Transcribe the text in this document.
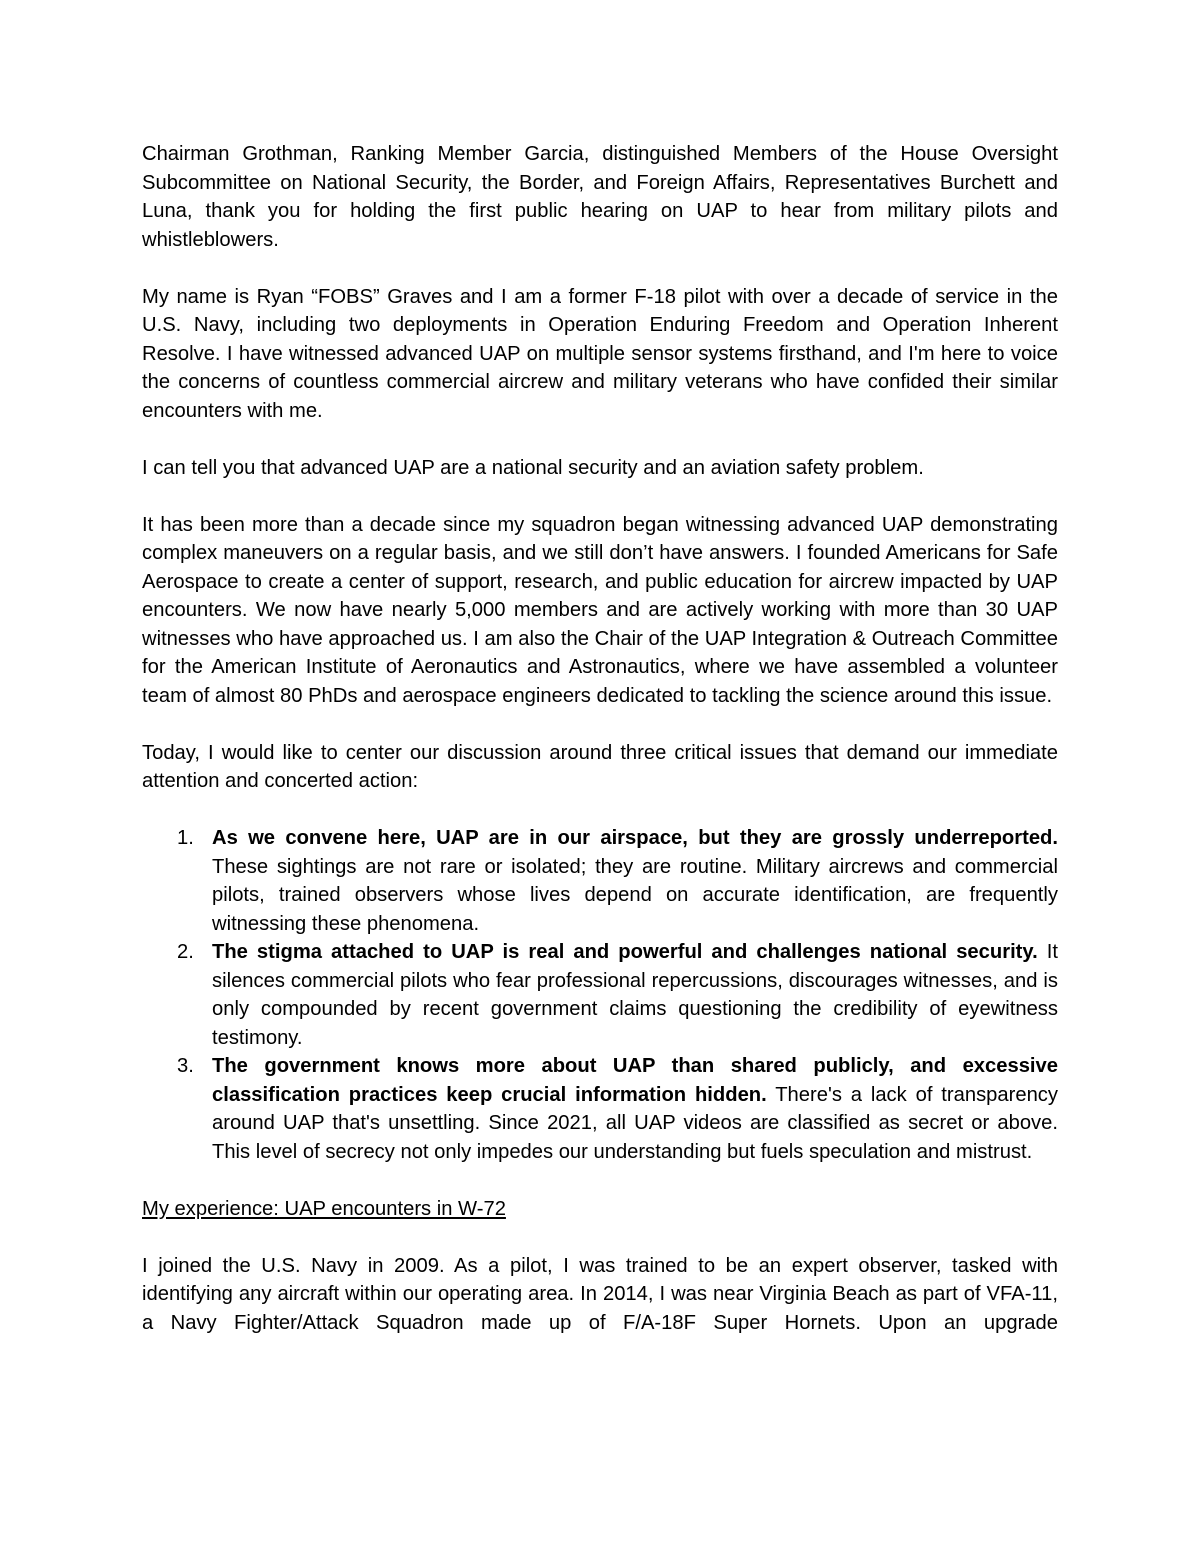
Chairman Grothman, Ranking Member Garcia, distinguished Members of the House Oversight Subcommittee on National Security, the Border, and Foreign Affairs, Representatives Burchett and Luna, thank you for holding the first public hearing on UAP to hear from military pilots and whistleblowers.

My name is Ryan “FOBS” Graves and I am a former F-18 pilot with over a decade of service in the U.S. Navy, including two deployments in Operation Enduring Freedom and Operation Inherent Resolve. I have witnessed advanced UAP on multiple sensor systems firsthand, and I'm here to voice the concerns of countless commercial aircrew and military veterans who have confided their similar encounters with me.

I can tell you that advanced UAP are a national security and an aviation safety problem.

It has been more than a decade since my squadron began witnessing advanced UAP demonstrating complex maneuvers on a regular basis, and we still don’t have answers. I founded Americans for Safe Aerospace to create a center of support, research, and public education for aircrew impacted by UAP encounters. We now have nearly 5,000 members and are actively working with more than 30 UAP witnesses who have approached us. I am also the Chair of the UAP Integration & Outreach Committee for the American Institute of Aeronautics and Astronautics, where we have assembled a volunteer team of almost 80 PhDs and aerospace engineers dedicated to tackling the science around this issue.

Today, I would like to center our discussion around three critical issues that demand our immediate attention and concerted action:

1. As we convene here, UAP are in our airspace, but they are grossly underreported. These sightings are not rare or isolated; they are routine. Military aircrews and commercial pilots, trained observers whose lives depend on accurate identification, are frequently witnessing these phenomena.
2. The stigma attached to UAP is real and powerful and challenges national security. It silences commercial pilots who fear professional repercussions, discourages witnesses, and is only compounded by recent government claims questioning the credibility of eyewitness testimony.
3. The government knows more about UAP than shared publicly, and excessive classification practices keep crucial information hidden. There's a lack of transparency around UAP that's unsettling. Since 2021, all UAP videos are classified as secret or above. This level of secrecy not only impedes our understanding but fuels speculation and mistrust.
My experience: UAP encounters in W-72

I joined the U.S. Navy in 2009. As a pilot, I was trained to be an expert observer, tasked with identifying any aircraft within our operating area. In 2014, I was near Virginia Beach as part of VFA-11, a Navy Fighter/Attack Squadron made up of F/A-18F Super Hornets. Upon an upgrade
